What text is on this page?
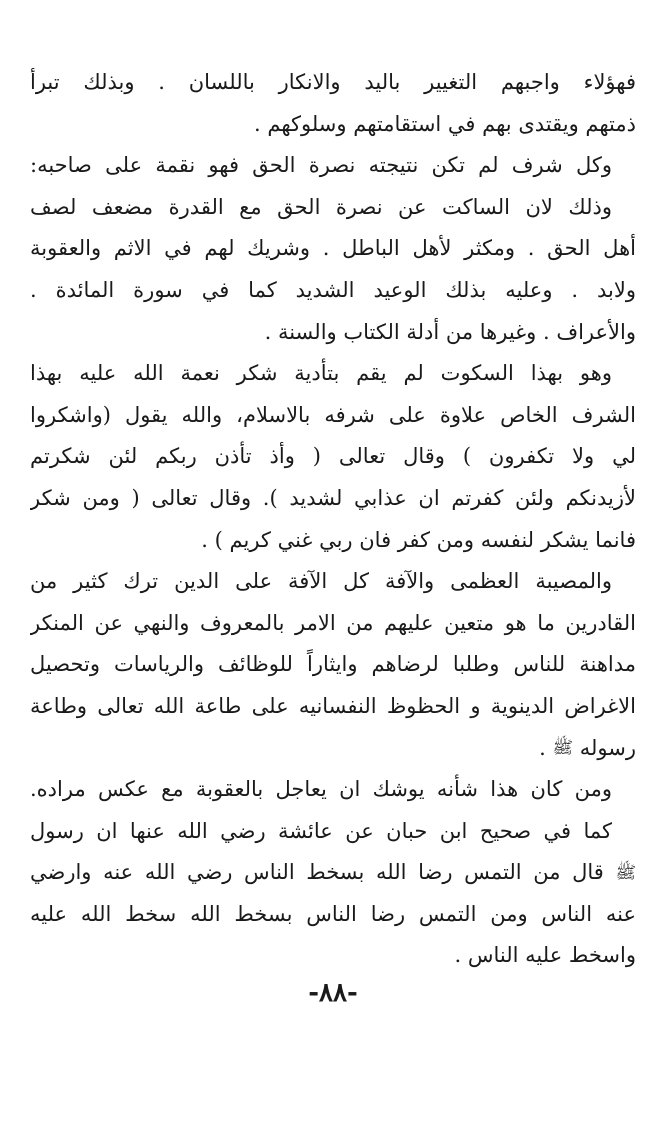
فهؤلاء واجبهم التغيير باليد والانكار باللسان . وبذلك تبرأ
ذمتهم ويقتدى بهم في استقامتهم وسلوكهم .
وكل شرف لم تكن نتيجته نصرة الحق فهو نقمة على صاحبه:
وذلك لان الساكت عن نصرة الحق مع القدرة مضعف لصف
أهل الحق . ومكثر لأهل الباطل . وشريك لهم في الاثم والعقوبة
ولابد . وعليه بذلك الوعيد الشديد كما في سورة المائدة .
والأعراف . وغيرها من أدلة الكتاب والسنة .
وهو بهذا السكوت لم يقم بتأدية شكر نعمة الله عليه بهذا
الشرف الخاص علاوة على شرفه بالاسلام، والله يقول (واشكروا
لي ولا تكفرون ) وقال تعالى ( وأذ تأذن ربكم لئن شكرتم
لأزيدنكم ولئن كفرتم ان عذابي لشديد ). وقال تعالى ( ومن شكر
فانما يشكر لنفسه ومن كفر فان ربي غني كريم ) .
والمصيبة العظمى والآفة كل الآفة على الدين ترك كثير من
القادرين ما هو متعين عليهم من الامر بالمعروف والنهي عن المنكر
مداهنة للناس وطلبا لرضاهم وايثاراً للوظائف والرياسات وتحصيل
الاغراض الدينوية و الحظوظ النفسانيه على طاعة الله تعالى وطاعة
رسوله ﷺ .
ومن كان هذا شأنه يوشك ان يعاجل بالعقوبة مع عكس مراده.
كما في صحيح ابن حبان عن عائشة رضي الله عنها ان رسول
ﷺ قال من التمس رضا الله بسخط الناس رضي الله عنه وارضي
عنه الناس ومن التمس رضا الناس بسخط الله سخط الله عليه
واسخط عليه الناس .
-٨٨-
